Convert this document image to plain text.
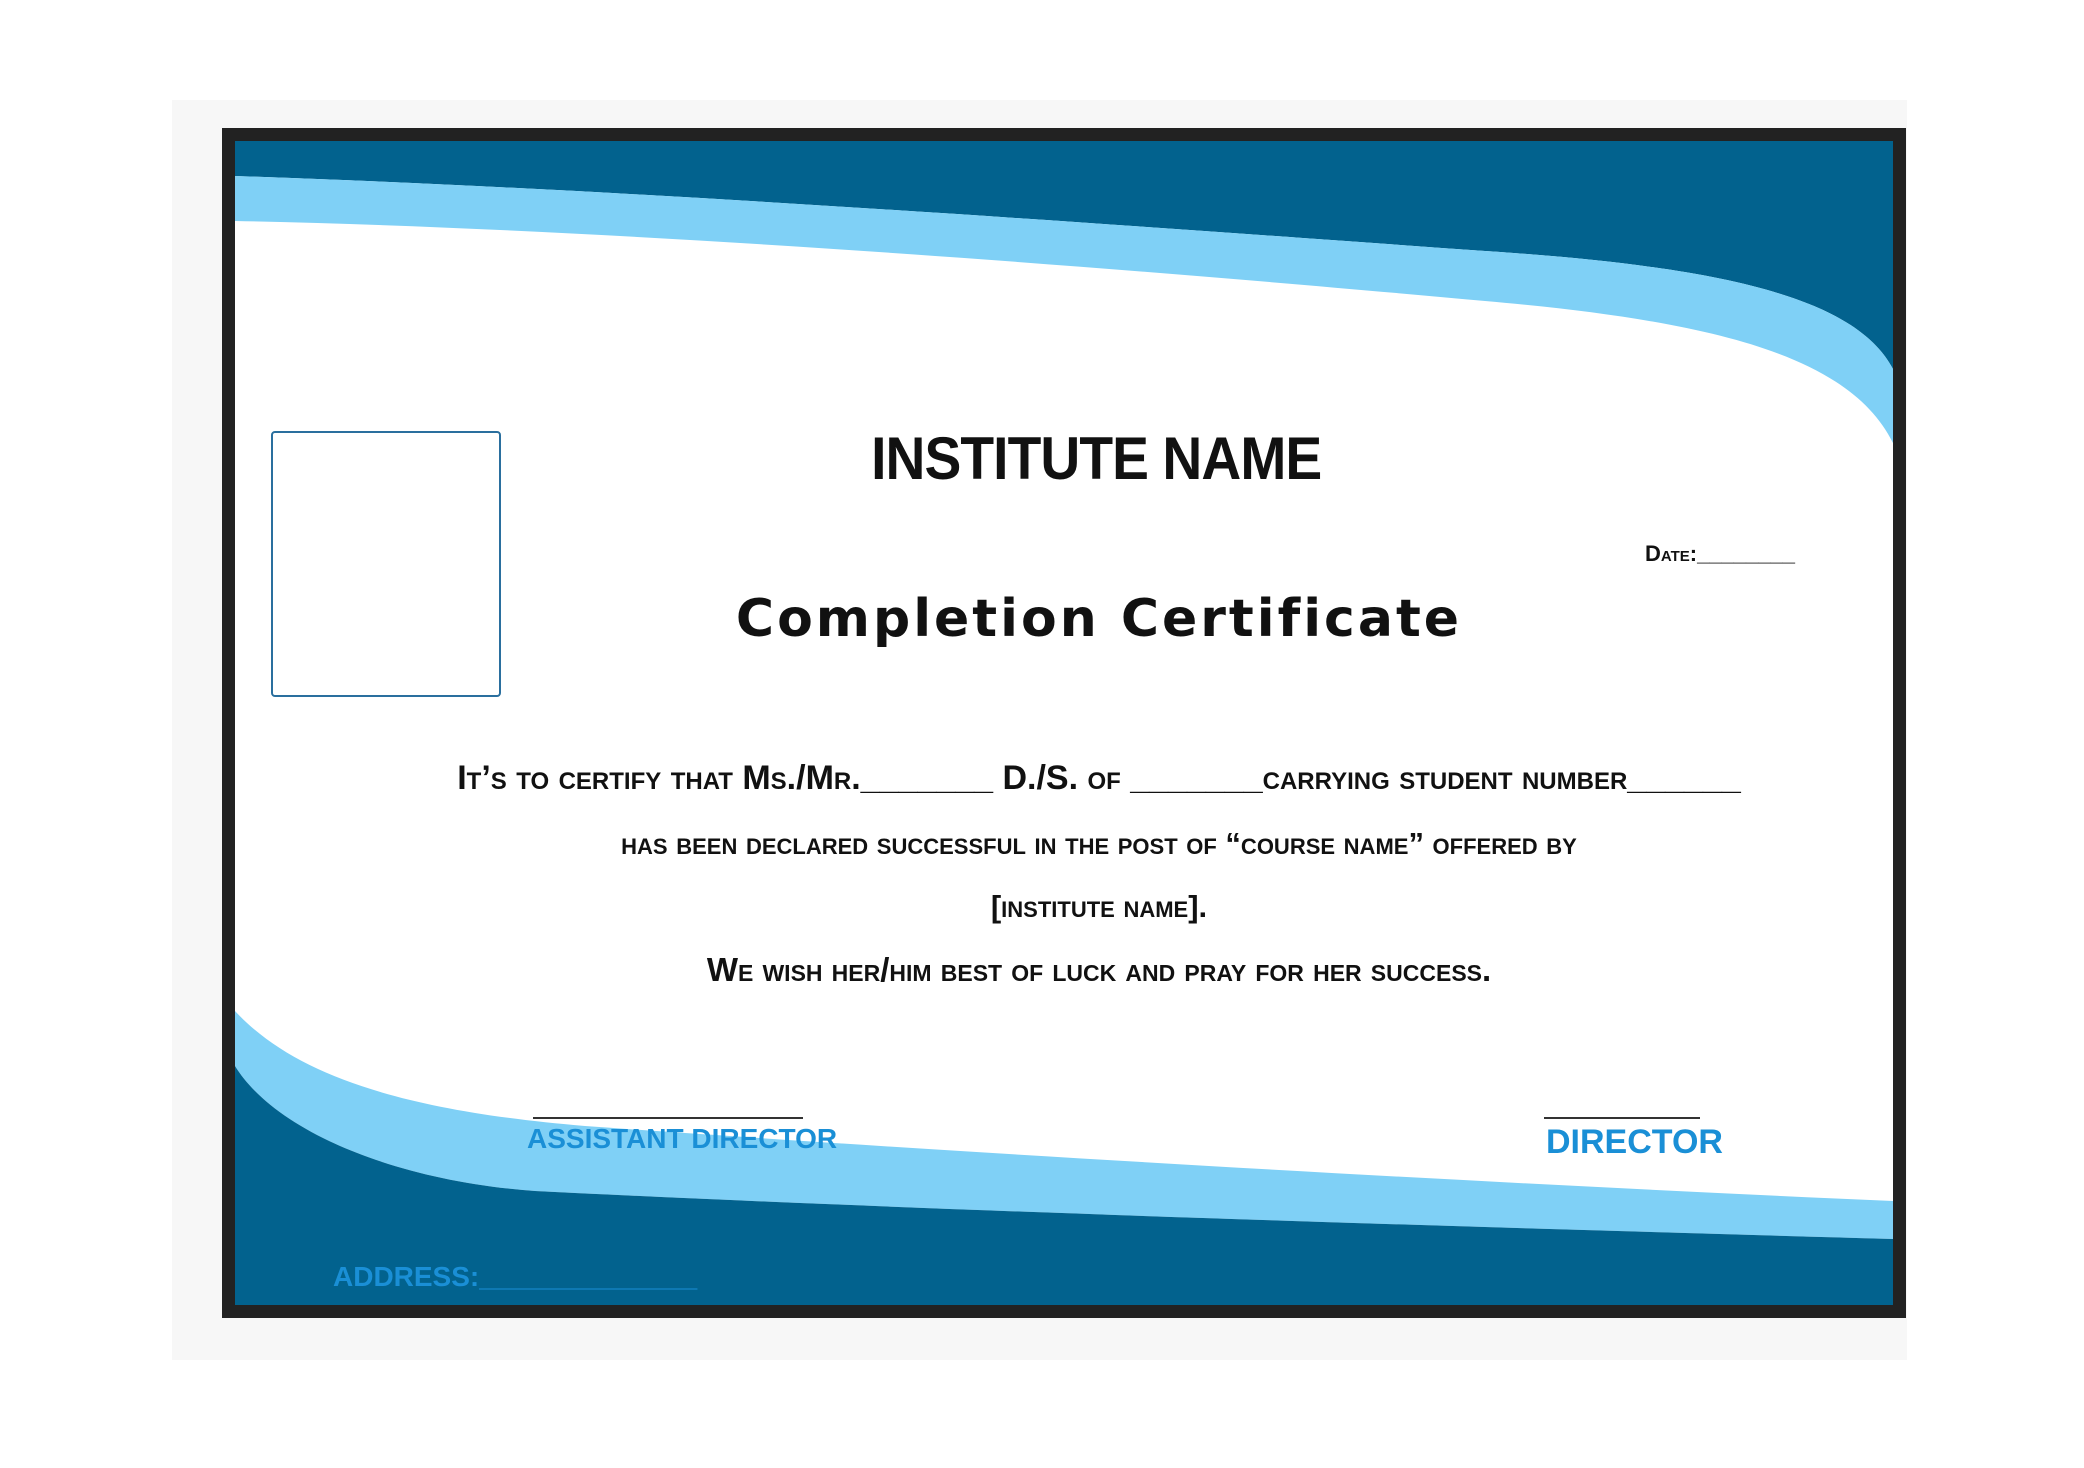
INSTITUTE NAME
Date:________
Completion Certificate
It’s to certify that Ms./Mr._______ D./S. of _______carrying student number______
has been declared successful in the post of “course name” offered by
[institute name].
We wish her/him best of luck and pray for her success.
ASSISTANT DIRECTOR	DIRECTOR
ADDRESS:______________
